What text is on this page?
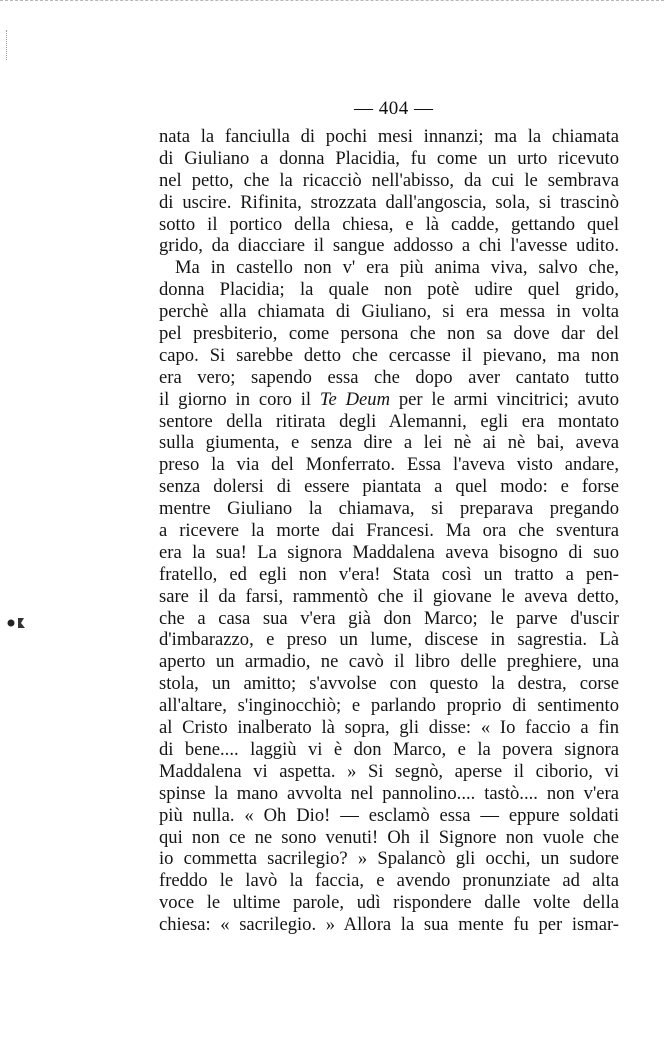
— 404 —
nata la fanciulla di pochi mesi innanzi; ma la chiamata
di Giuliano a donna Placidia, fu come un urto ricevuto
nel petto, che la ricacciò nell'abisso, da cui le sembrava
di uscire. Rifinita, strozzata dall'angoscia, sola, si trascinò
sotto il portico della chiesa, e là cadde, gettando quel
grido, da diacciare il sangue addosso a chi l'avesse udito.
Ma in castello non v' era più anima viva, salvo che,
donna Placidia; la quale non potè udire quel grido,
perchè alla chiamata di Giuliano, si era messa in volta
pel presbiterio, come persona che non sa dove dar del
capo. Si sarebbe detto che cercasse il pievano, ma non
era vero; sapendo essa che dopo aver cantato tutto
il giorno in coro il Te Deum per le armi vincitrici; avuto
sentore della ritirata degli Alemanni, egli era montato
sulla giumenta, e senza dire a lei nè ai nè bai, aveva
preso la via del Monferrato. Essa l'aveva visto andare,
senza dolersi di essere piantata a quel modo: e forse
mentre Giuliano la chiamava, si preparava pregando
a ricevere la morte dai Francesi. Ma ora che sventura
era la sua! La signora Maddalena aveva bisogno di suo
fratello, ed egli non v'era! Stata così un tratto a pen-
sare il da farsi, rammentò che il giovane le aveva detto,
che a casa sua v'era già don Marco; le parve d'uscir
d'imbarazzo, e preso un lume, discese in sagrestia. Là
aperto un armadio, ne cavò il libro delle preghiere, una
stola, un amitto; s'avvolse con questo la destra, corse
all'altare, s'inginocchiò; e parlando proprio di sentimento
al Cristo inalberato là sopra, gli disse: « Io faccio a fin
di bene.... laggiù vi è don Marco, e la povera signora
Maddalena vi aspetta. » Si segnò, aperse il ciborio, vi
spinse la mano avvolta nel pannolino.... tastò.... non v'era
più nulla. « Oh Dio! — esclamò essa — eppure soldati
qui non ce ne sono venuti! Oh il Signore non vuole che
io commetta sacrilegio? » Spalancò gli occhi, un sudore
freddo le lavò la faccia, e avendo pronunziate ad alta
voce le ultime parole, udì rispondere dalle volte della
chiesa: « sacrilegio. » Allora la sua mente fu per ismar-
